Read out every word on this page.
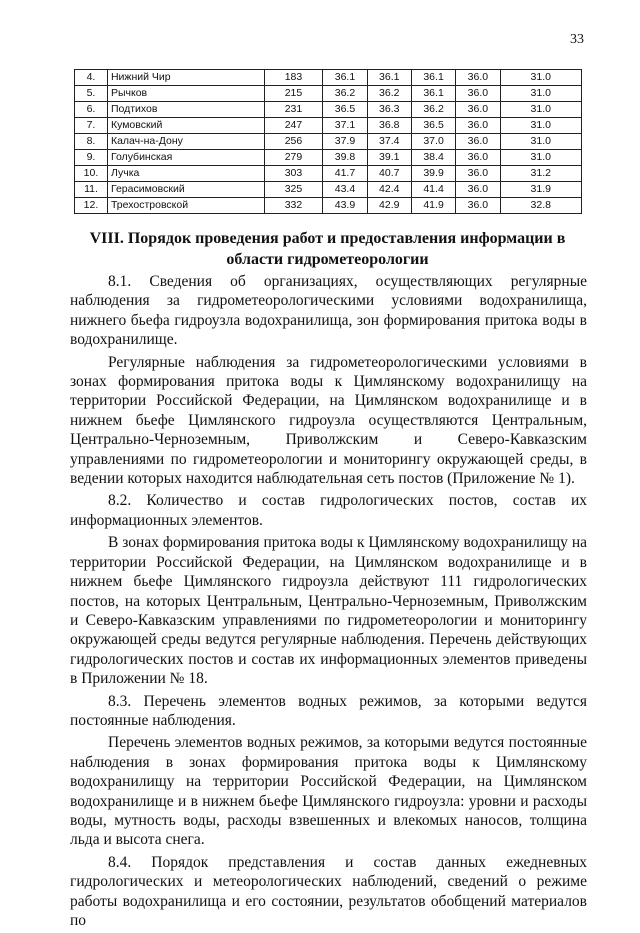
33
4.	Нижний Чир	183	36.1	36.1	36.1	36.0	31.0
5.	Рычков	215	36.2	36.2	36.1	36.0	31.0
6.	Подтихов	231	36.5	36.3	36.2	36.0	31.0
7.	Кумовский	247	37.1	36.8	36.5	36.0	31.0
8.	Калач-на-Дону	256	37.9	37.4	37.0	36.0	31.0
9.	Голубинская	279	39.8	39.1	38.4	36.0	31.0
10.	Лучка	303	41.7	40.7	39.9	36.0	31.2
11.	Герасимовский	325	43.4	42.4	41.4	36.0	31.9
12.	Трехостровской	332	43.9	42.9	41.9	36.0	32.8
VIII. Порядок проведения работ и предоставления информации в области гидрометеорологии

8.1. Сведения об организациях, осуществляющих регулярные наблюдения за гидрометеорологическими условиями водохранилища, нижнего бьефа гидроузла водохранилища, зон формирования притока воды в водохранилище.

Регулярные наблюдения за гидрометеорологическими условиями в зонах формирования притока воды к Цимлянскому водохранилищу на территории Российской Федерации, на Цимлянском водохранилище и в нижнем бьефе Цимлянского гидроузла осуществляются Центральным, Центрально-Черноземным, Приволжским и Северо-Кавказским управлениями по гидрометеорологии и мониторингу окружающей среды, в ведении которых находится наблюдательная сеть постов (Приложение № 1).

8.2. Количество и состав гидрологических постов, состав их информационных элементов.

В зонах формирования притока воды к Цимлянскому водохранилищу на территории Российской Федерации, на Цимлянском водохранилище и в нижнем бьефе Цимлянского гидроузла действуют 111 гидрологических постов, на которых Центральным, Центрально-Черноземным, Приволжским и Северо-Кавказским управлениями по гидрометеорологии и мониторингу окружающей среды ведутся регулярные наблюдения. Перечень действующих гидрологических постов и состав их информационных элементов приведены в Приложении № 18.

8.3. Перечень элементов водных режимов, за которыми ведутся постоянные наблюдения.

Перечень элементов водных режимов, за которыми ведутся постоянные наблюдения в зонах формирования притока воды к Цимлянскому водохранилищу на территории Российской Федерации, на Цимлянском водохранилище и в нижнем бьефе Цимлянского гидроузла: уровни и расходы воды, мутность воды, расходы взвешенных и влекомых наносов, толщина льда и высота снега.

8.4. Порядок представления и состав данных ежедневных гидрологических и метеорологических наблюдений, сведений о режиме работы водохранилища и его состоянии, результатов обобщений материалов по
